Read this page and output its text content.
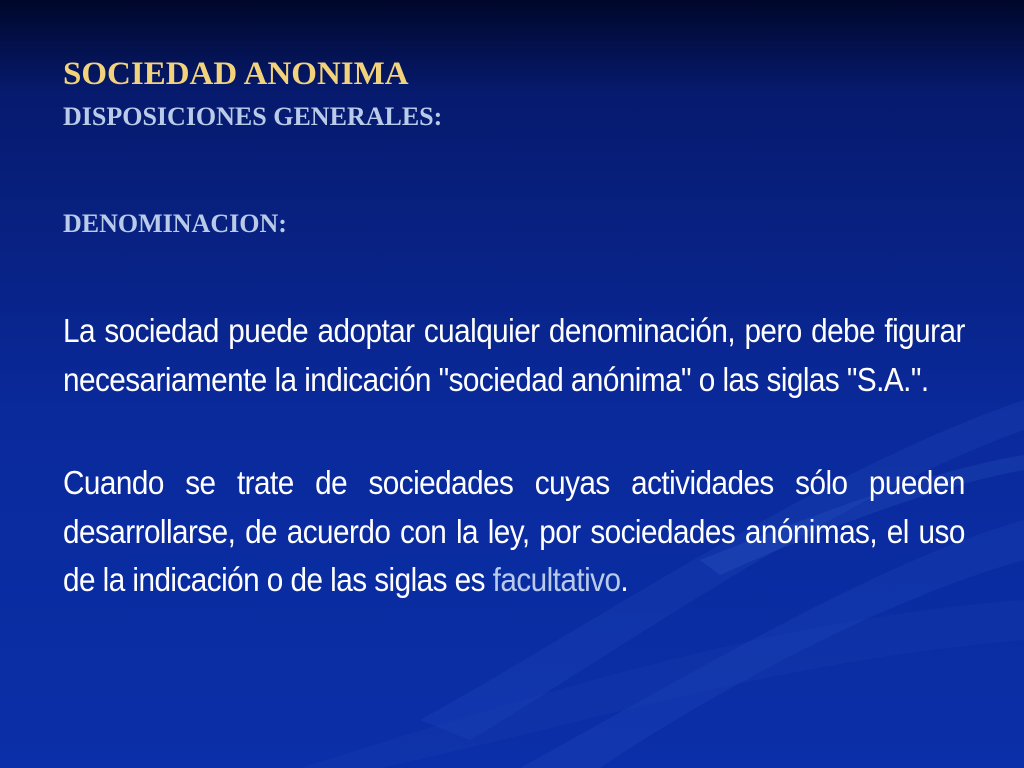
SOCIEDAD ANONIMA
DISPOSICIONES GENERALES:
DENOMINACION:

La sociedad puede adoptar cualquier denominación, pero debe figurar necesariamente la indicación "sociedad anónima" o las siglas "S.A.".

Cuando se trate de sociedades cuyas actividades sólo pueden desarrollarse, de acuerdo con la ley, por sociedades anónimas, el uso de la indicación o de las siglas es facultativo.
